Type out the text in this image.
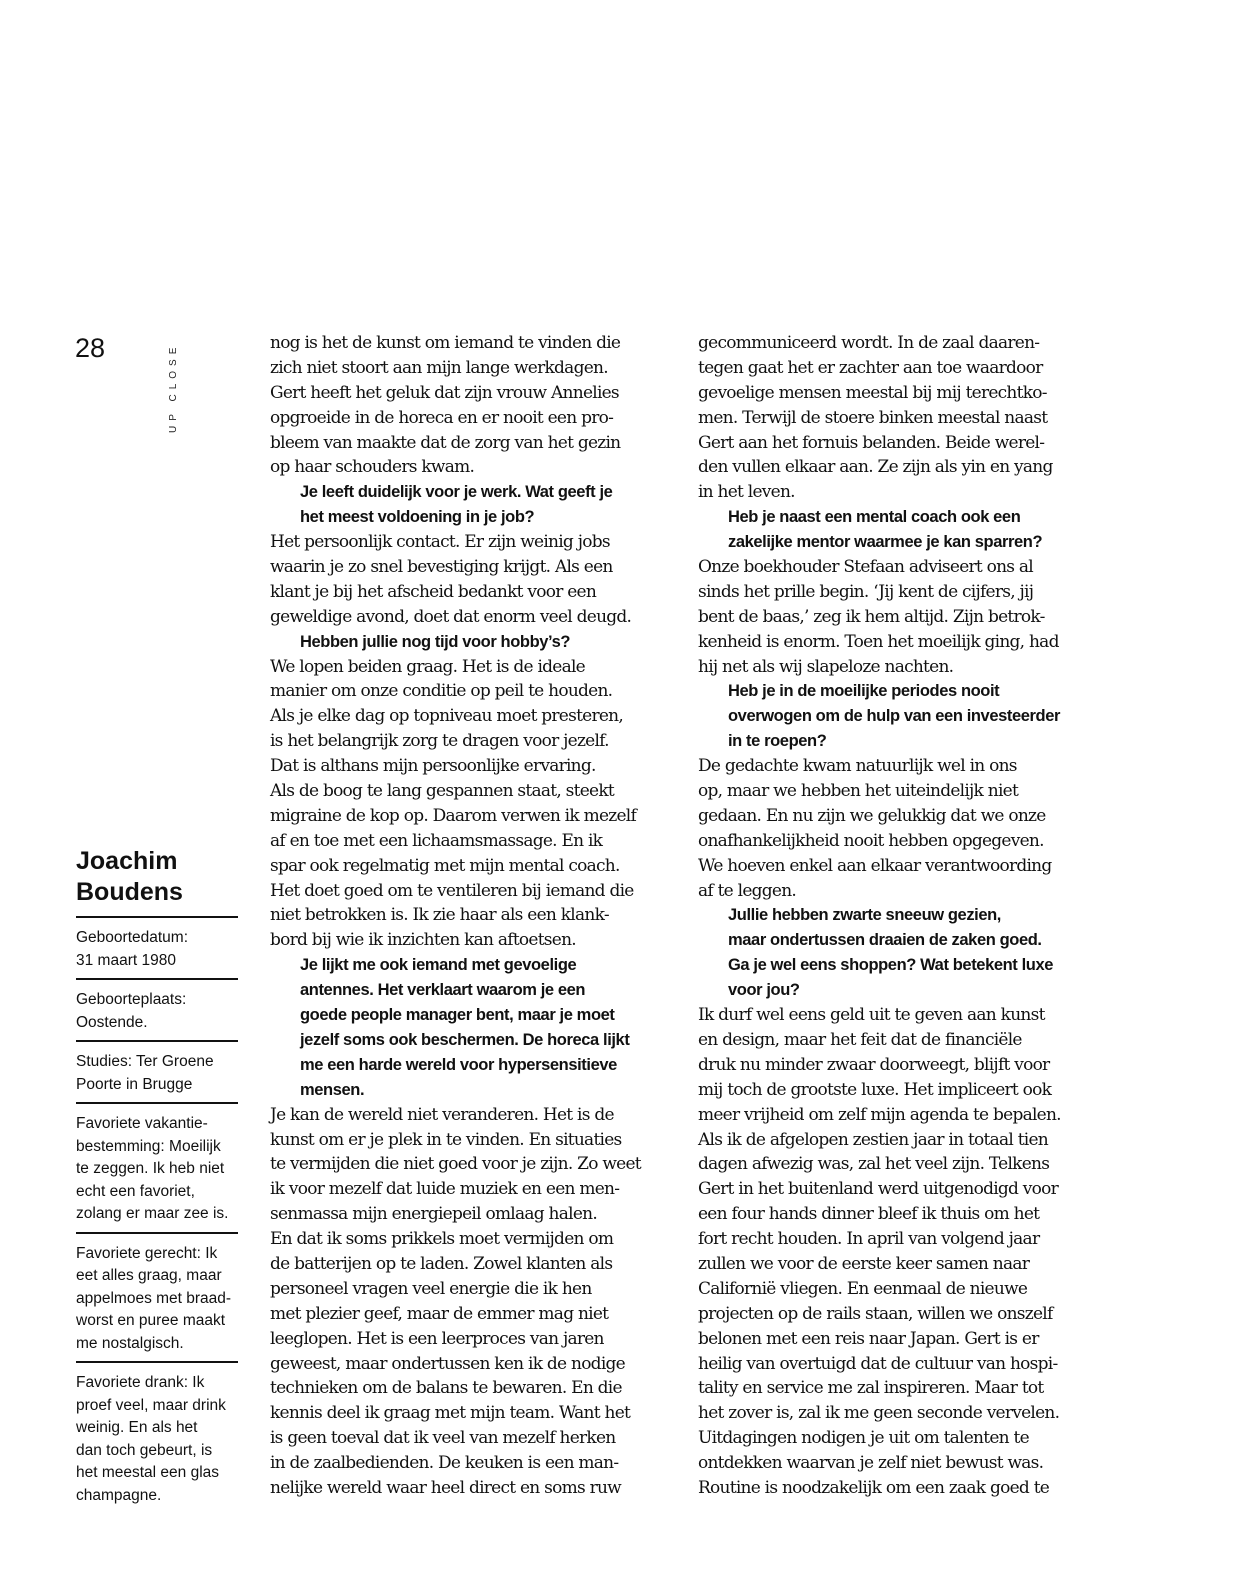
28	UP CLOSE
Joachim
Boudens
Geboortedatum:
31 maart 1980
Geboorteplaats:
Oostende.
Studies: Ter Groene
Poorte in Brugge
Favoriete vakantie-
bestemming: Moeilijk
te zeggen. Ik heb niet
echt een favoriet,
zolang er maar zee is.
Favoriete gerecht: Ik
eet alles graag, maar
appelmoes met braad-
worst en puree maakt
me nostalgisch.
Favoriete drank: Ik
proef veel, maar drink
weinig. En als het
dan toch gebeurt, is
het meestal een glas
champagne.
nog is het de kunst om iemand te vinden die
zich niet stoort aan mijn lange werkdagen.
Gert heeft het geluk dat zijn vrouw Annelies
opgroeide in de horeca en er nooit een pro-
bleem van maakte dat de zorg van het gezin
op haar schouders kwam.
Je leeft duidelijk voor je werk. Wat geeft je
het meest voldoening in je job?
Het persoonlijk contact. Er zijn weinig jobs
waarin je zo snel bevestiging krijgt. Als een
klant je bij het afscheid bedankt voor een
geweldige avond, doet dat enorm veel deugd.
Hebben jullie nog tijd voor hobby’s?
We lopen beiden graag. Het is de ideale
manier om onze conditie op peil te houden.
Als je elke dag op topniveau moet presteren,
is het belangrijk zorg te dragen voor jezelf.
Dat is althans mijn persoonlijke ervaring.
Als de boog te lang gespannen staat, steekt
migraine de kop op. Daarom verwen ik mezelf
af en toe met een lichaamsmassage. En ik
spar ook regelmatig met mijn mental coach.
Het doet goed om te ventileren bij iemand die
niet betrokken is. Ik zie haar als een klank-
bord bij wie ik inzichten kan aftoetsen.
Je lijkt me ook iemand met gevoelige
antennes. Het verklaart waarom je een
goede people manager bent, maar je moet
jezelf soms ook beschermen. De horeca lijkt
me een harde wereld voor hypersensitieve
mensen.
Je kan de wereld niet veranderen. Het is de
kunst om er je plek in te vinden. En situaties
te vermijden die niet goed voor je zijn. Zo weet
ik voor mezelf dat luide muziek en een men-
senmassa mijn energiepeil omlaag halen.
En dat ik soms prikkels moet vermijden om
de batterijen op te laden. Zowel klanten als
personeel vragen veel energie die ik hen
met plezier geef, maar de emmer mag niet
leeglopen. Het is een leerproces van jaren
geweest, maar ondertussen ken ik de nodige
technieken om de balans te bewaren. En die
kennis deel ik graag met mijn team. Want het
is geen toeval dat ik veel van mezelf herken
in de zaalbedienden. De keuken is een man-
nelijke wereld waar heel direct en soms ruw
gecommuniceerd wordt. In de zaal daaren-
tegen gaat het er zachter aan toe waardoor
gevoelige mensen meestal bij mij terechtko-
men. Terwijl de stoere binken meestal naast
Gert aan het fornuis belanden. Beide werel-
den vullen elkaar aan. Ze zijn als yin en yang
in het leven.
Heb je naast een mental coach ook een
zakelijke mentor waarmee je kan sparren?
Onze boekhouder Stefaan adviseert ons al
sinds het prille begin. ‘Jij kent de cijfers, jij
bent de baas,’ zeg ik hem altijd. Zijn betrok-
kenheid is enorm. Toen het moeilijk ging, had
hij net als wij slapeloze nachten.
Heb je in de moeilijke periodes nooit
overwogen om de hulp van een investeerder
in te roepen?
De gedachte kwam natuurlijk wel in ons
op, maar we hebben het uiteindelijk niet
gedaan. En nu zijn we gelukkig dat we onze
onafhankelijkheid nooit hebben opgegeven.
We hoeven enkel aan elkaar verantwoording
af te leggen.
Jullie hebben zwarte sneeuw gezien,
maar ondertussen draaien de zaken goed.
Ga je wel eens shoppen? Wat betekent luxe
voor jou?
Ik durf wel eens geld uit te geven aan kunst
en design, maar het feit dat de financiële
druk nu minder zwaar doorweegt, blijft voor
mij toch de grootste luxe. Het impliceert ook
meer vrijheid om zelf mijn agenda te bepalen.
Als ik de afgelopen zestien jaar in totaal tien
dagen afwezig was, zal het veel zijn. Telkens
Gert in het buitenland werd uitgenodigd voor
een four hands dinner bleef ik thuis om het
fort recht houden. In april van volgend jaar
zullen we voor de eerste keer samen naar
Californië vliegen. En eenmaal de nieuwe
projecten op de rails staan, willen we onszelf
belonen met een reis naar Japan. Gert is er
heilig van overtuigd dat de cultuur van hospi-
tality en service me zal inspireren. Maar tot
het zover is, zal ik me geen seconde vervelen.
Uitdagingen nodigen je uit om talenten te
ontdekken waarvan je zelf niet bewust was.
Routine is noodzakelijk om een zaak goed te
